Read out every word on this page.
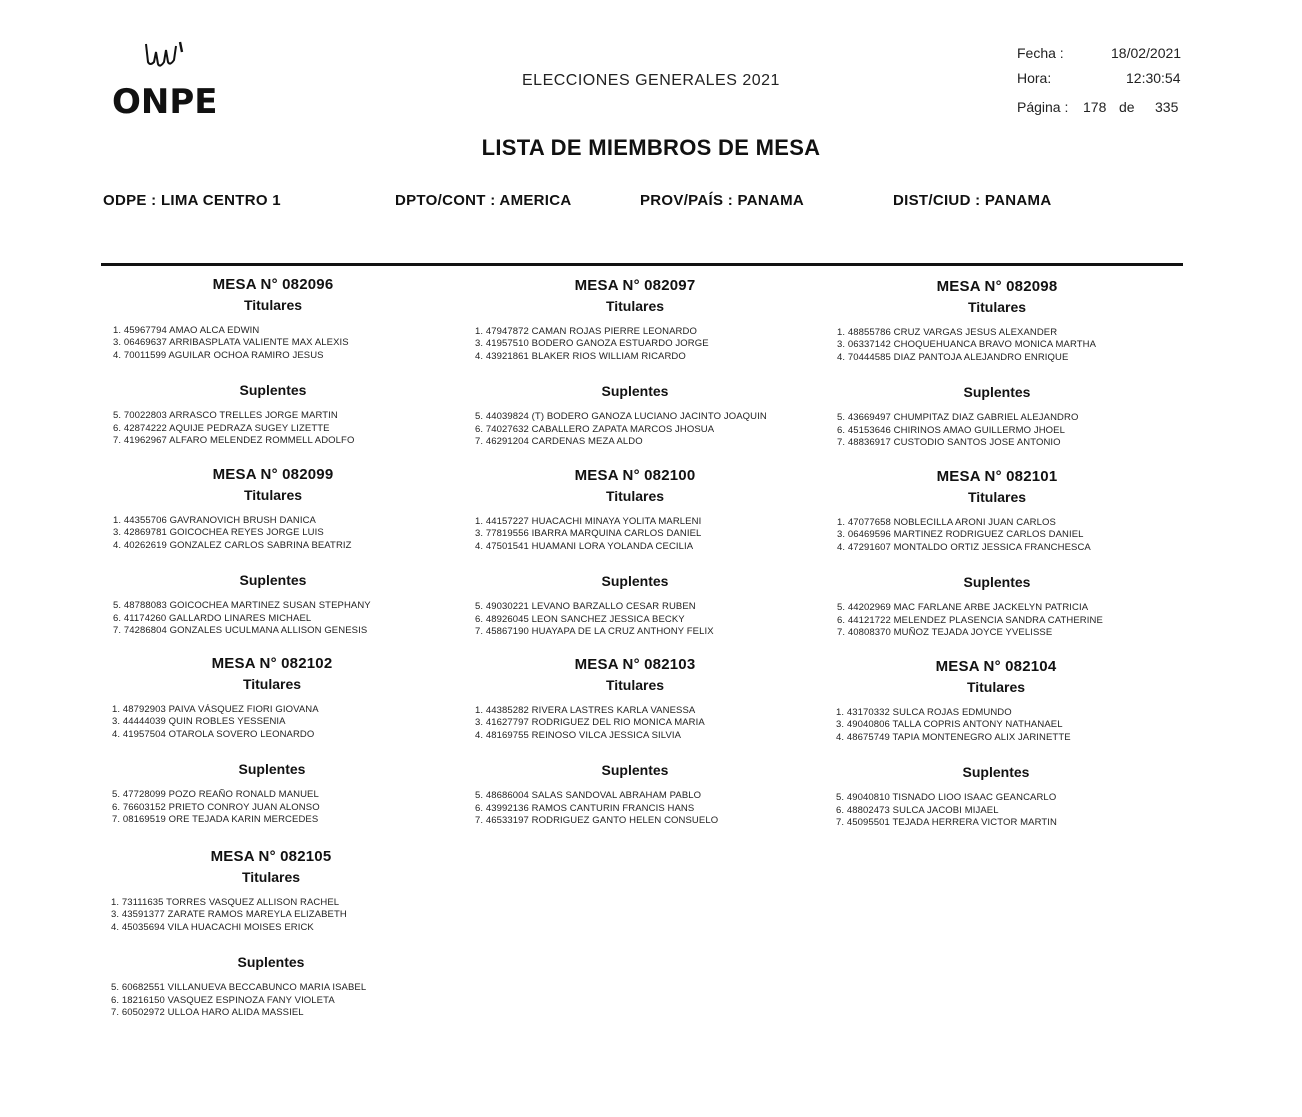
ONPE
ELECCIONES GENERALES 2021
Fecha :	18/02/2021
Hora:	12:30:54
Página : 178 de 335
LISTA DE MIEMBROS DE MESA
ODPE : LIMA CENTRO 1	DPTO/CONT : AMERICA	PROV/PAÍS : PANAMA	DIST/CIUD : PANAMA
MESA N° 082096
Titulares
1. 45967794 AMAO ALCA EDWIN
3. 06469637 ARRIBASPLATA VALIENTE MAX ALEXIS
4. 70011599 AGUILAR OCHOA RAMIRO JESUS
Suplentes
5. 70022803 ARRASCO TRELLES JORGE MARTIN
6. 42874222 AQUIJE PEDRAZA SUGEY LIZETTE
7. 41962967 ALFARO MELENDEZ ROMMELL ADOLFO
MESA N° 082097
Titulares
1. 47947872 CAMAN ROJAS PIERRE LEONARDO
3. 41957510 BODERO GANOZA ESTUARDO JORGE
4. 43921861 BLAKER RIOS WILLIAM RICARDO
Suplentes
5. 44039824 (T) BODERO GANOZA LUCIANO JACINTO JOAQUIN
6. 74027632 CABALLERO ZAPATA MARCOS JHOSUA
7. 46291204 CARDENAS MEZA ALDO
MESA N° 082098
Titulares
1. 48855786 CRUZ VARGAS JESUS ALEXANDER
3. 06337142 CHOQUEHUANCA BRAVO MONICA MARTHA
4. 70444585 DIAZ PANTOJA ALEJANDRO ENRIQUE
Suplentes
5. 43669497 CHUMPITAZ DIAZ GABRIEL ALEJANDRO
6. 45153646 CHIRINOS AMAO GUILLERMO JHOEL
7. 48836917 CUSTODIO SANTOS JOSE ANTONIO
MESA N° 082099
Titulares
1. 44355706 GAVRANOVICH BRUSH DANICA
3. 42869781 GOICOCHEA REYES JORGE LUIS
4. 40262619 GONZALEZ CARLOS SABRINA BEATRIZ
Suplentes
5. 48788083 GOICOCHEA MARTINEZ SUSAN STEPHANY
6. 41174260 GALLARDO LINARES MICHAEL
7. 74286804 GONZALES UCULMANA ALLISON GENESIS
MESA N° 082100
Titulares
1. 44157227 HUACACHI MINAYA YOLITA MARLENI
3. 77819556 IBARRA MARQUINA CARLOS DANIEL
4. 47501541 HUAMANI LORA YOLANDA CECILIA
Suplentes
5. 49030221 LEVANO BARZALLO CESAR RUBEN
6. 48926045 LEON SANCHEZ JESSICA BECKY
7. 45867190 HUAYAPA DE LA CRUZ ANTHONY FELIX
MESA N° 082101
Titulares
1. 47077658 NOBLECILLA ARONI JUAN CARLOS
3. 06469596 MARTINEZ RODRIGUEZ CARLOS DANIEL
4. 47291607 MONTALDO ORTIZ JESSICA FRANCHESCA
Suplentes
5. 44202969 MAC FARLANE ARBE JACKELYN PATRICIA
6. 44121722 MELENDEZ PLASENCIA SANDRA CATHERINE
7. 40808370 MUÑOZ TEJADA JOYCE YVELISSE
MESA N° 082102
Titulares
1. 48792903 PAIVA VÁSQUEZ FIORI GIOVANA
3. 44444039 QUIN ROBLES YESSENIA
4. 41957504 OTAROLA SOVERO LEONARDO
Suplentes
5. 47728099 POZO REAÑO RONALD MANUEL
6. 76603152 PRIETO CONROY JUAN ALONSO
7. 08169519 ORE TEJADA KARIN MERCEDES
MESA N° 082103
Titulares
1. 44385282 RIVERA LASTRES KARLA VANESSA
3. 41627797 RODRIGUEZ DEL RIO MONICA MARIA
4. 48169755 REINOSO VILCA JESSICA SILVIA
Suplentes
5. 48686004 SALAS SANDOVAL ABRAHAM PABLO
6. 43992136 RAMOS CANTURIN FRANCIS HANS
7. 46533197 RODRIGUEZ GANTO HELEN CONSUELO
MESA N° 082104
Titulares
1. 43170332 SULCA ROJAS EDMUNDO
3. 49040806 TALLA COPRIS ANTONY NATHANAEL
4. 48675749 TAPIA MONTENEGRO ALIX JARINETTE
Suplentes
5. 49040810 TISNADO LIOO ISAAC GEANCARLO
6. 48802473 SULCA JACOBI MIJAEL
7. 45095501 TEJADA HERRERA VICTOR MARTIN
MESA N° 082105
Titulares
1. 73111635 TORRES VASQUEZ ALLISON RACHEL
3. 43591377 ZARATE RAMOS MAREYLA ELIZABETH
4. 45035694 VILA HUACACHI MOISES ERICK
Suplentes
5. 60682551 VILLANUEVA BECCABUNCO MARIA ISABEL
6. 18216150 VASQUEZ ESPINOZA FANY VIOLETA
7. 60502972 ULLOA HARO ALIDA MASSIEL
